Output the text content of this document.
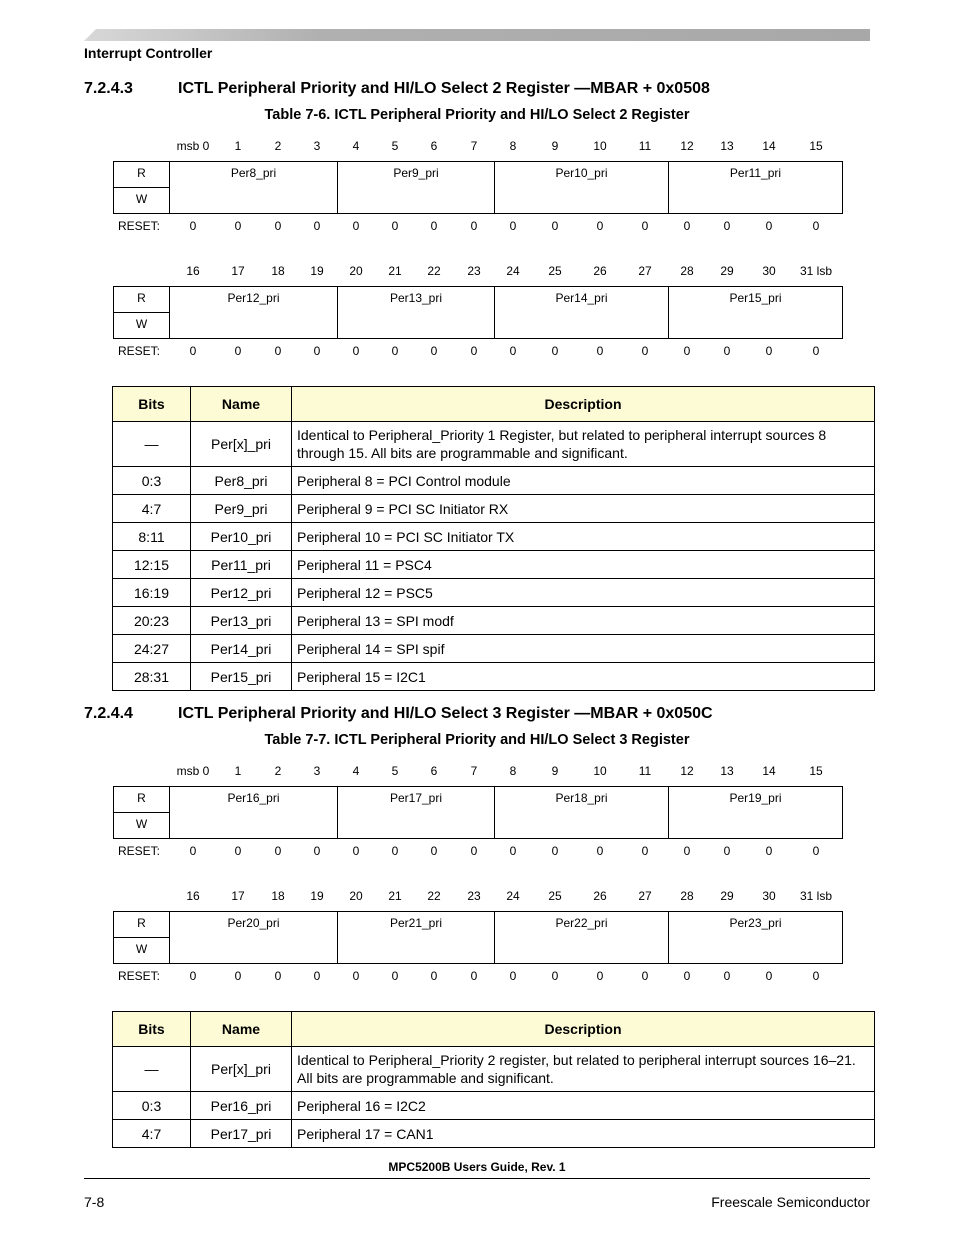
Interrupt Controller
7.2.4.3	ICTL Peripheral Priority and HI/LO Select 2 Register —MBAR + 0x0508
Table 7-6. ICTL Peripheral Priority and HI/LO Select 2 Register
msb 0 1	2	3	4	5	6	7	8	9	10	11 12 13 14	15
R
W
Per8_pri	Per9_pri	Per10_pri	Per11_pri
RESET: 0	0	0	0	0	0	0	0	0	0	0	0	0	0	0	0
16	17 18 19 20 21 22 23 24 25	26	27 28 29 30 31 lsb
R
W
Per12_pri	Per13_pri	Per14_pri	Per15_pri
RESET: 0	0	0	0	0	0	0	0	0	0	0	0	0	0	0	0
Bits	Name	Description
—	Per[x]_pri	Identical to Peripheral_Priority 1 Register, but related to peripheral interrupt sources 8 through 15. All bits are programmable and significant.
0:3	Per8_pri	Peripheral 8 = PCI Control module
4:7	Per9_pri	Peripheral 9 = PCI SC Initiator RX
8:11	Per10_pri	Peripheral 10 = PCI SC Initiator TX
12:15	Per11_pri	Peripheral 11 = PSC4
16:19	Per12_pri	Peripheral 12 = PSC5
20:23	Per13_pri	Peripheral 13 = SPI modf
24:27	Per14_pri	Peripheral 14 = SPI spif
28:31	Per15_pri	Peripheral 15 = I2C1
7.2.4.4	ICTL Peripheral Priority and HI/LO Select 3 Register —MBAR + 0x050C
Table 7-7. ICTL Peripheral Priority and HI/LO Select 3 Register
msb 0 1	2	3	4	5	6	7	8	9	10	11 12 13 14	15
R
W
Per16_pri	Per17_pri	Per18_pri	Per19_pri
RESET: 0	0	0	0	0	0	0	0	0	0	0	0	0	0	0	0
16	17 18 19 20 21 22 23 24 25	26	27 28 29 30 31 lsb
R
W
Per20_pri	Per21_pri	Per22_pri	Per23_pri
RESET: 0	0	0	0	0	0	0	0	0	0	0	0	0	0	0	0
Bits	Name	Description
—	Per[x]_pri	Identical to Peripheral_Priority 2 register, but related to peripheral interrupt sources 16–21. All bits are programmable and significant.
0:3	Per16_pri	Peripheral 16 = I2C2
4:7	Per17_pri	Peripheral 17 = CAN1
MPC5200B Users Guide, Rev. 1
7-8	Freescale Semiconductor
